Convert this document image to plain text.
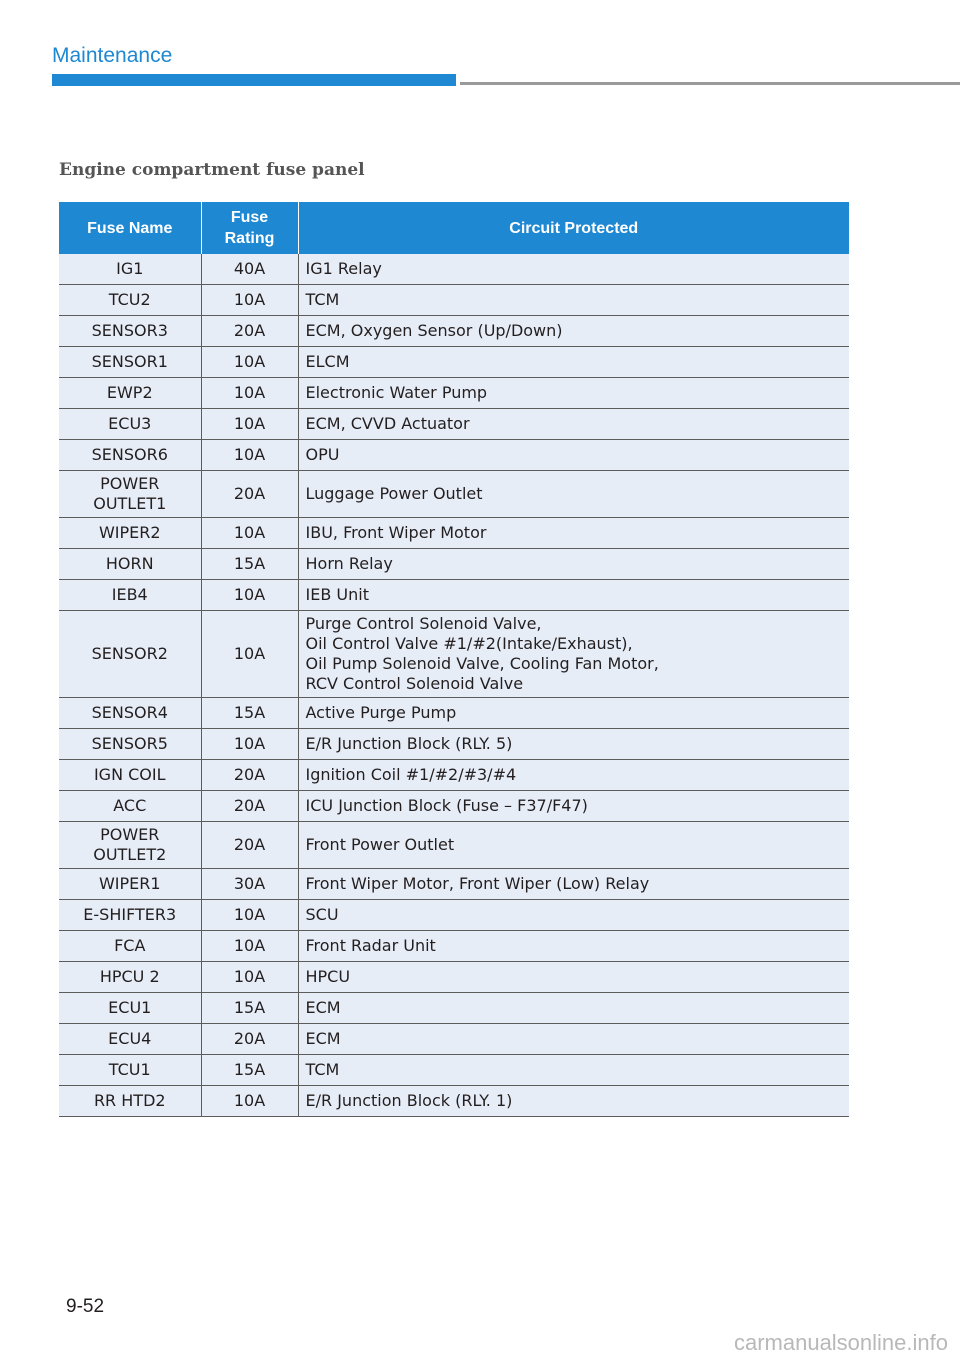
Maintenance
Engine compartment fuse panel
Fuse Name	Fuse Rating	Circuit Protected

IG1	40A	IG1 Relay

TCU2	10A	TCM

SENSOR3	20A	ECM, Oxygen Sensor (Up/Down)

SENSOR1	10A	ELCM

EWP2	10A	Electronic Water Pump

ECU3	10A	ECM, CVVD Actuator

SENSOR6	10A	OPU

POWER
OUTLET1	20A	Luggage Power Outlet

WIPER2	10A	IBU, Front Wiper Motor

HORN	15A	Horn Relay

IEB4	10A	IEB Unit

SENSOR2	10A	Purge Control Solenoid Valve,
Oil Control Valve #1/#2(Intake/Exhaust),
Oil Pump Solenoid Valve, Cooling Fan Motor,
RCV Control Solenoid Valve

SENSOR4	15A	Active Purge Pump

SENSOR5	10A	E/R Junction Block (RLY. 5)

IGN COIL	20A	Ignition Coil #1/#2/#3/#4

ACC	20A	ICU Junction Block (Fuse – F37/F47)

POWER
OUTLET2	20A	Front Power Outlet

WIPER1	30A	Front Wiper Motor, Front Wiper (Low) Relay

E-SHIFTER3	10A	SCU

FCA	10A	Front Radar Unit

HPCU 2	10A	HPCU

ECU1	15A	ECM

ECU4	20A	ECM

TCU1	15A	TCM

RR HTD2	10A	E/R Junction Block (RLY. 1)
9-52
carmanualsonline.info
